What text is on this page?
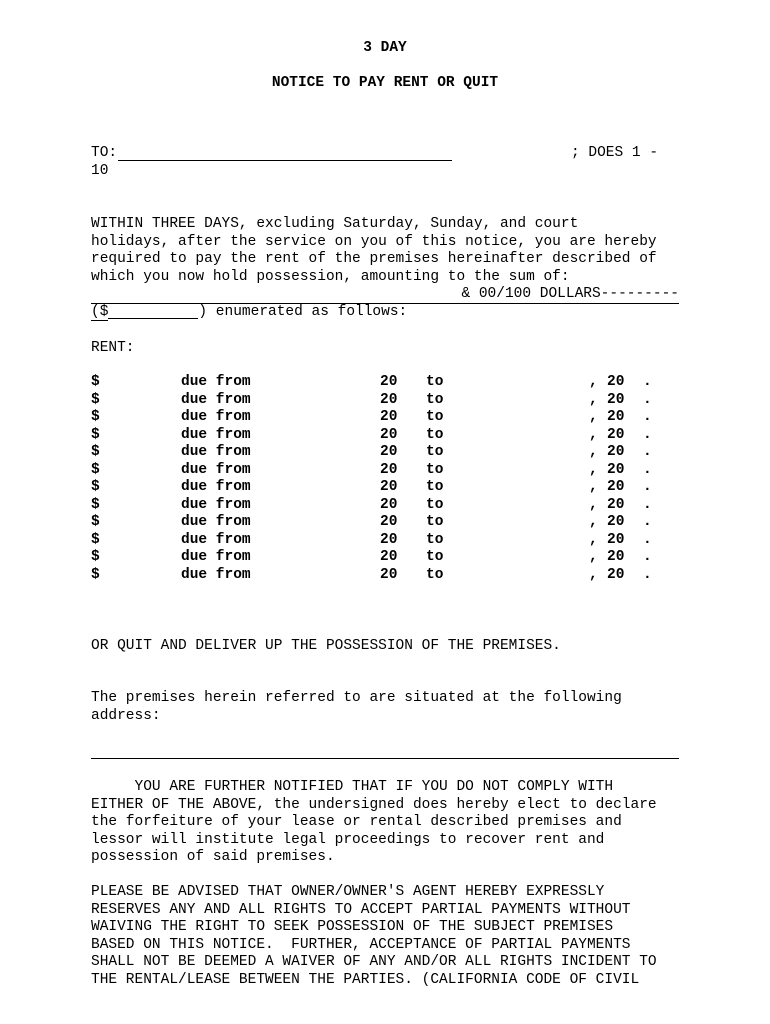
3 DAY
NOTICE TO PAY RENT OR QUIT

TO:

	; DOES 1 -

10

WITHIN THREE DAYS, excluding Saturday, Sunday, and court
holidays, after the service on you of this notice, you are hereby
required to pay the rent of the premises hereinafter described of
which you now hold possession, amounting to the sum of:
& 00/100 DOLLARS---------
($	) enumerated as follows:
RENT:
$	due from	20 to	, 20 .
$	due from	20 to	, 20 .
$	due from	20 to	, 20 .
$	due from	20 to	, 20 .
$	due from	20 to	, 20 .
$	due from	20 to	, 20 .
$	due from	20 to	, 20 .
$	due from	20 to	, 20 .
$	due from	20 to	, 20 .
$	due from	20 to	, 20 .
$	due from	20 to	, 20 .
$	due from	20 to	, 20 .
OR QUIT AND DELIVER UP THE POSSESSION OF THE PREMISES.
The premises herein referred to are situated at the following
address:
YOU ARE FURTHER NOTIFIED THAT IF YOU DO NOT COMPLY WITH
EITHER OF THE ABOVE, the undersigned does hereby elect to declare
the forfeiture of your lease or rental described premises and
lessor will institute legal proceedings to recover rent and
possession of said premises.
PLEASE BE ADVISED THAT OWNER/OWNER'S AGENT HEREBY EXPRESSLY
RESERVES ANY AND ALL RIGHTS TO ACCEPT PARTIAL PAYMENTS WITHOUT
WAIVING THE RIGHT TO SEEK POSSESSION OF THE SUBJECT PREMISES
BASED ON THIS NOTICE.  FURTHER, ACCEPTANCE OF PARTIAL PAYMENTS
SHALL NOT BE DEEMED A WAIVER OF ANY AND/OR ALL RIGHTS INCIDENT TO
THE RENTAL/LEASE BETWEEN THE PARTIES. (CALIFORNIA CODE OF CIVIL
